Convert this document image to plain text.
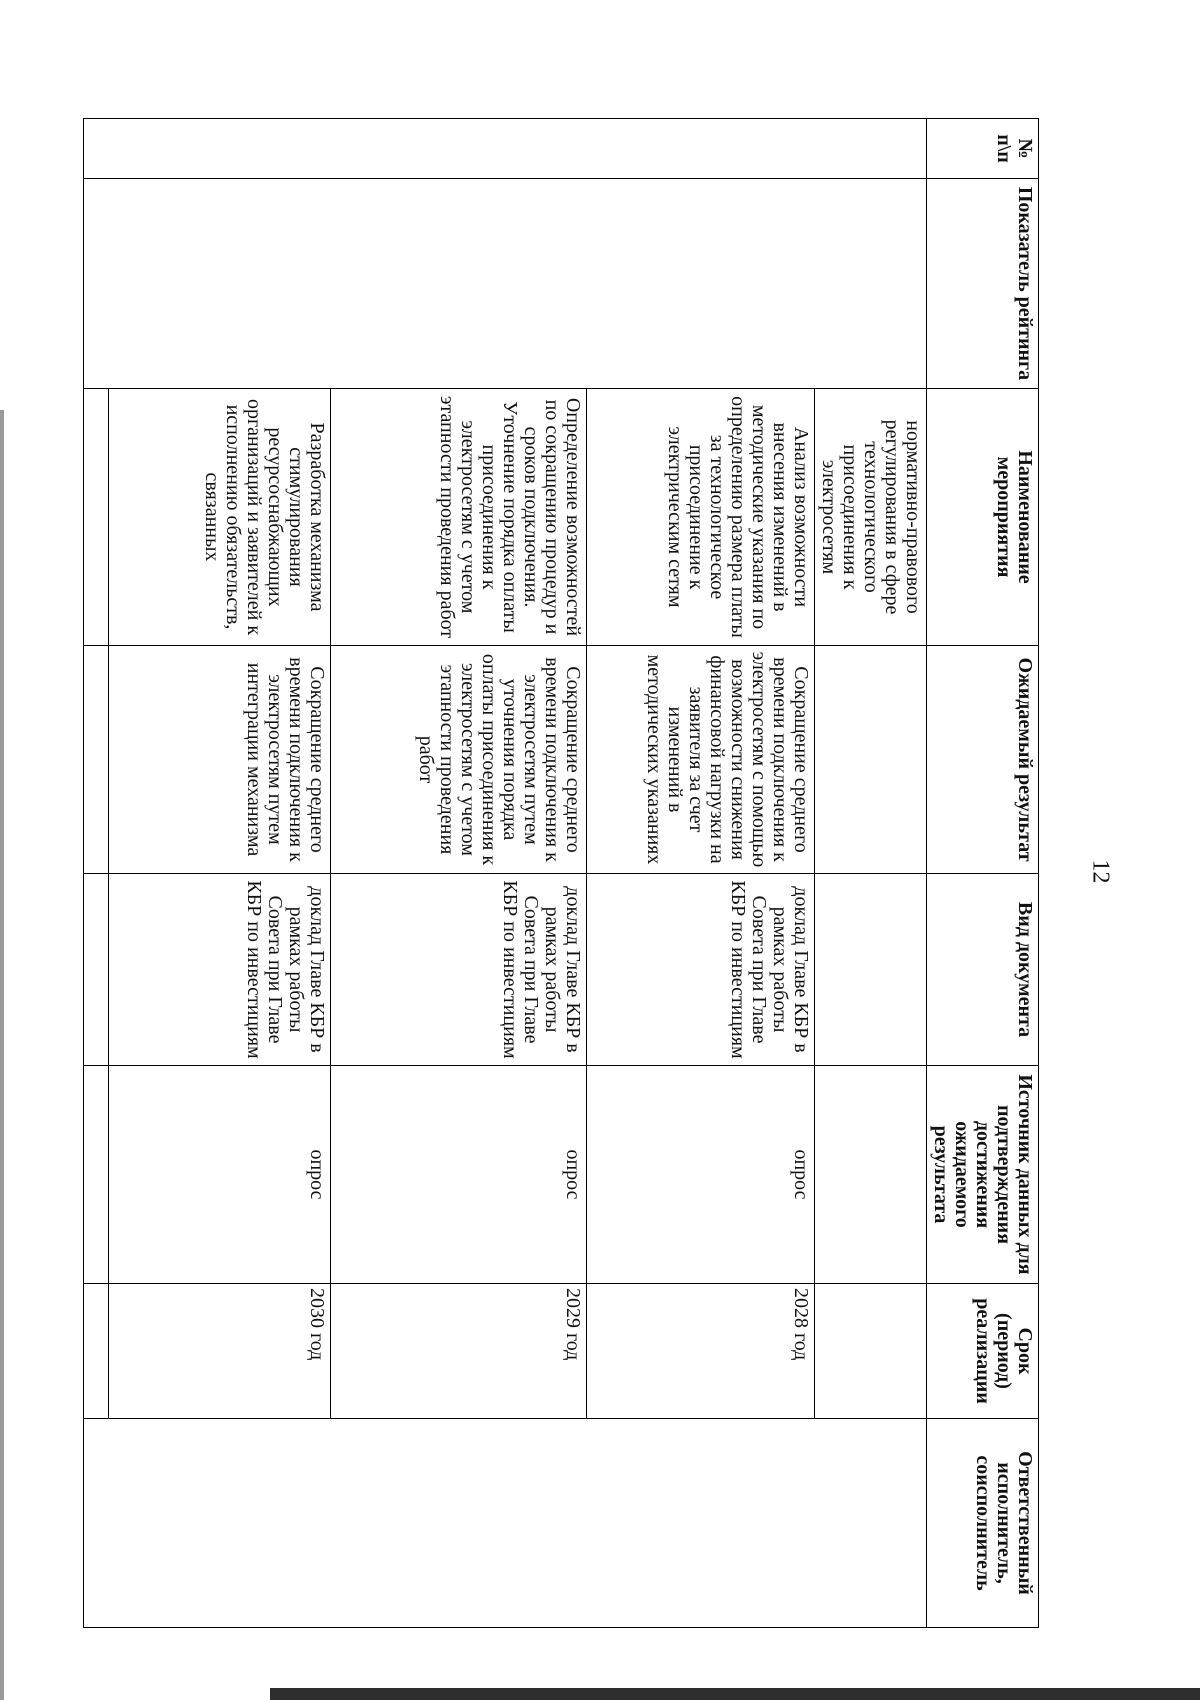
12
№ п\п	Показатель рейтинга	Наименование мероприятия	Ожидаемый результат	Вид документа	Источник данных для подтверждения достижения ожидаемого результата	Срок (период) реализации	Ответственный исполнитель, соисполнитель
		нормативно-правового регулирования в сфере технологического присоединения к электросетям					
		Анализ возможности внесения изменений в методические указания по определению размера платы за технологическое присоединение к электрическим сетям	Сокращение среднего времени подключения к электросетям с помощью возможности снижения финансовой нагрузки на заявителя за счет изменений в методических указаниях	доклад Главе КБР в рамках работы Совета при Главе КБР по инвестициям	опрос	2028 год	
		Определение возможностей по сокращению процедур и сроков подключения. Уточнение порядка оплаты присоединения к электросетям с учетом этапности проведения работ	Сокращение среднего времени подключения к электросетям путем уточнения порядка оплаты присоединения к электросетям с учетом этапности проведения работ	доклад Главе КБР в рамках работы Совета при Главе КБР по инвестициям	опрос	2029 год	
		Разработка механизма стимулирования ресурсоснабжающих организаций и заявителей к исполнению обязательств, связанных	Сокращение среднего времени подключения к электросетям путем интеграции механизма	доклад Главе КБР в рамках работы Совета при Главе КБР по инвестициям	опрос	2030 год	
